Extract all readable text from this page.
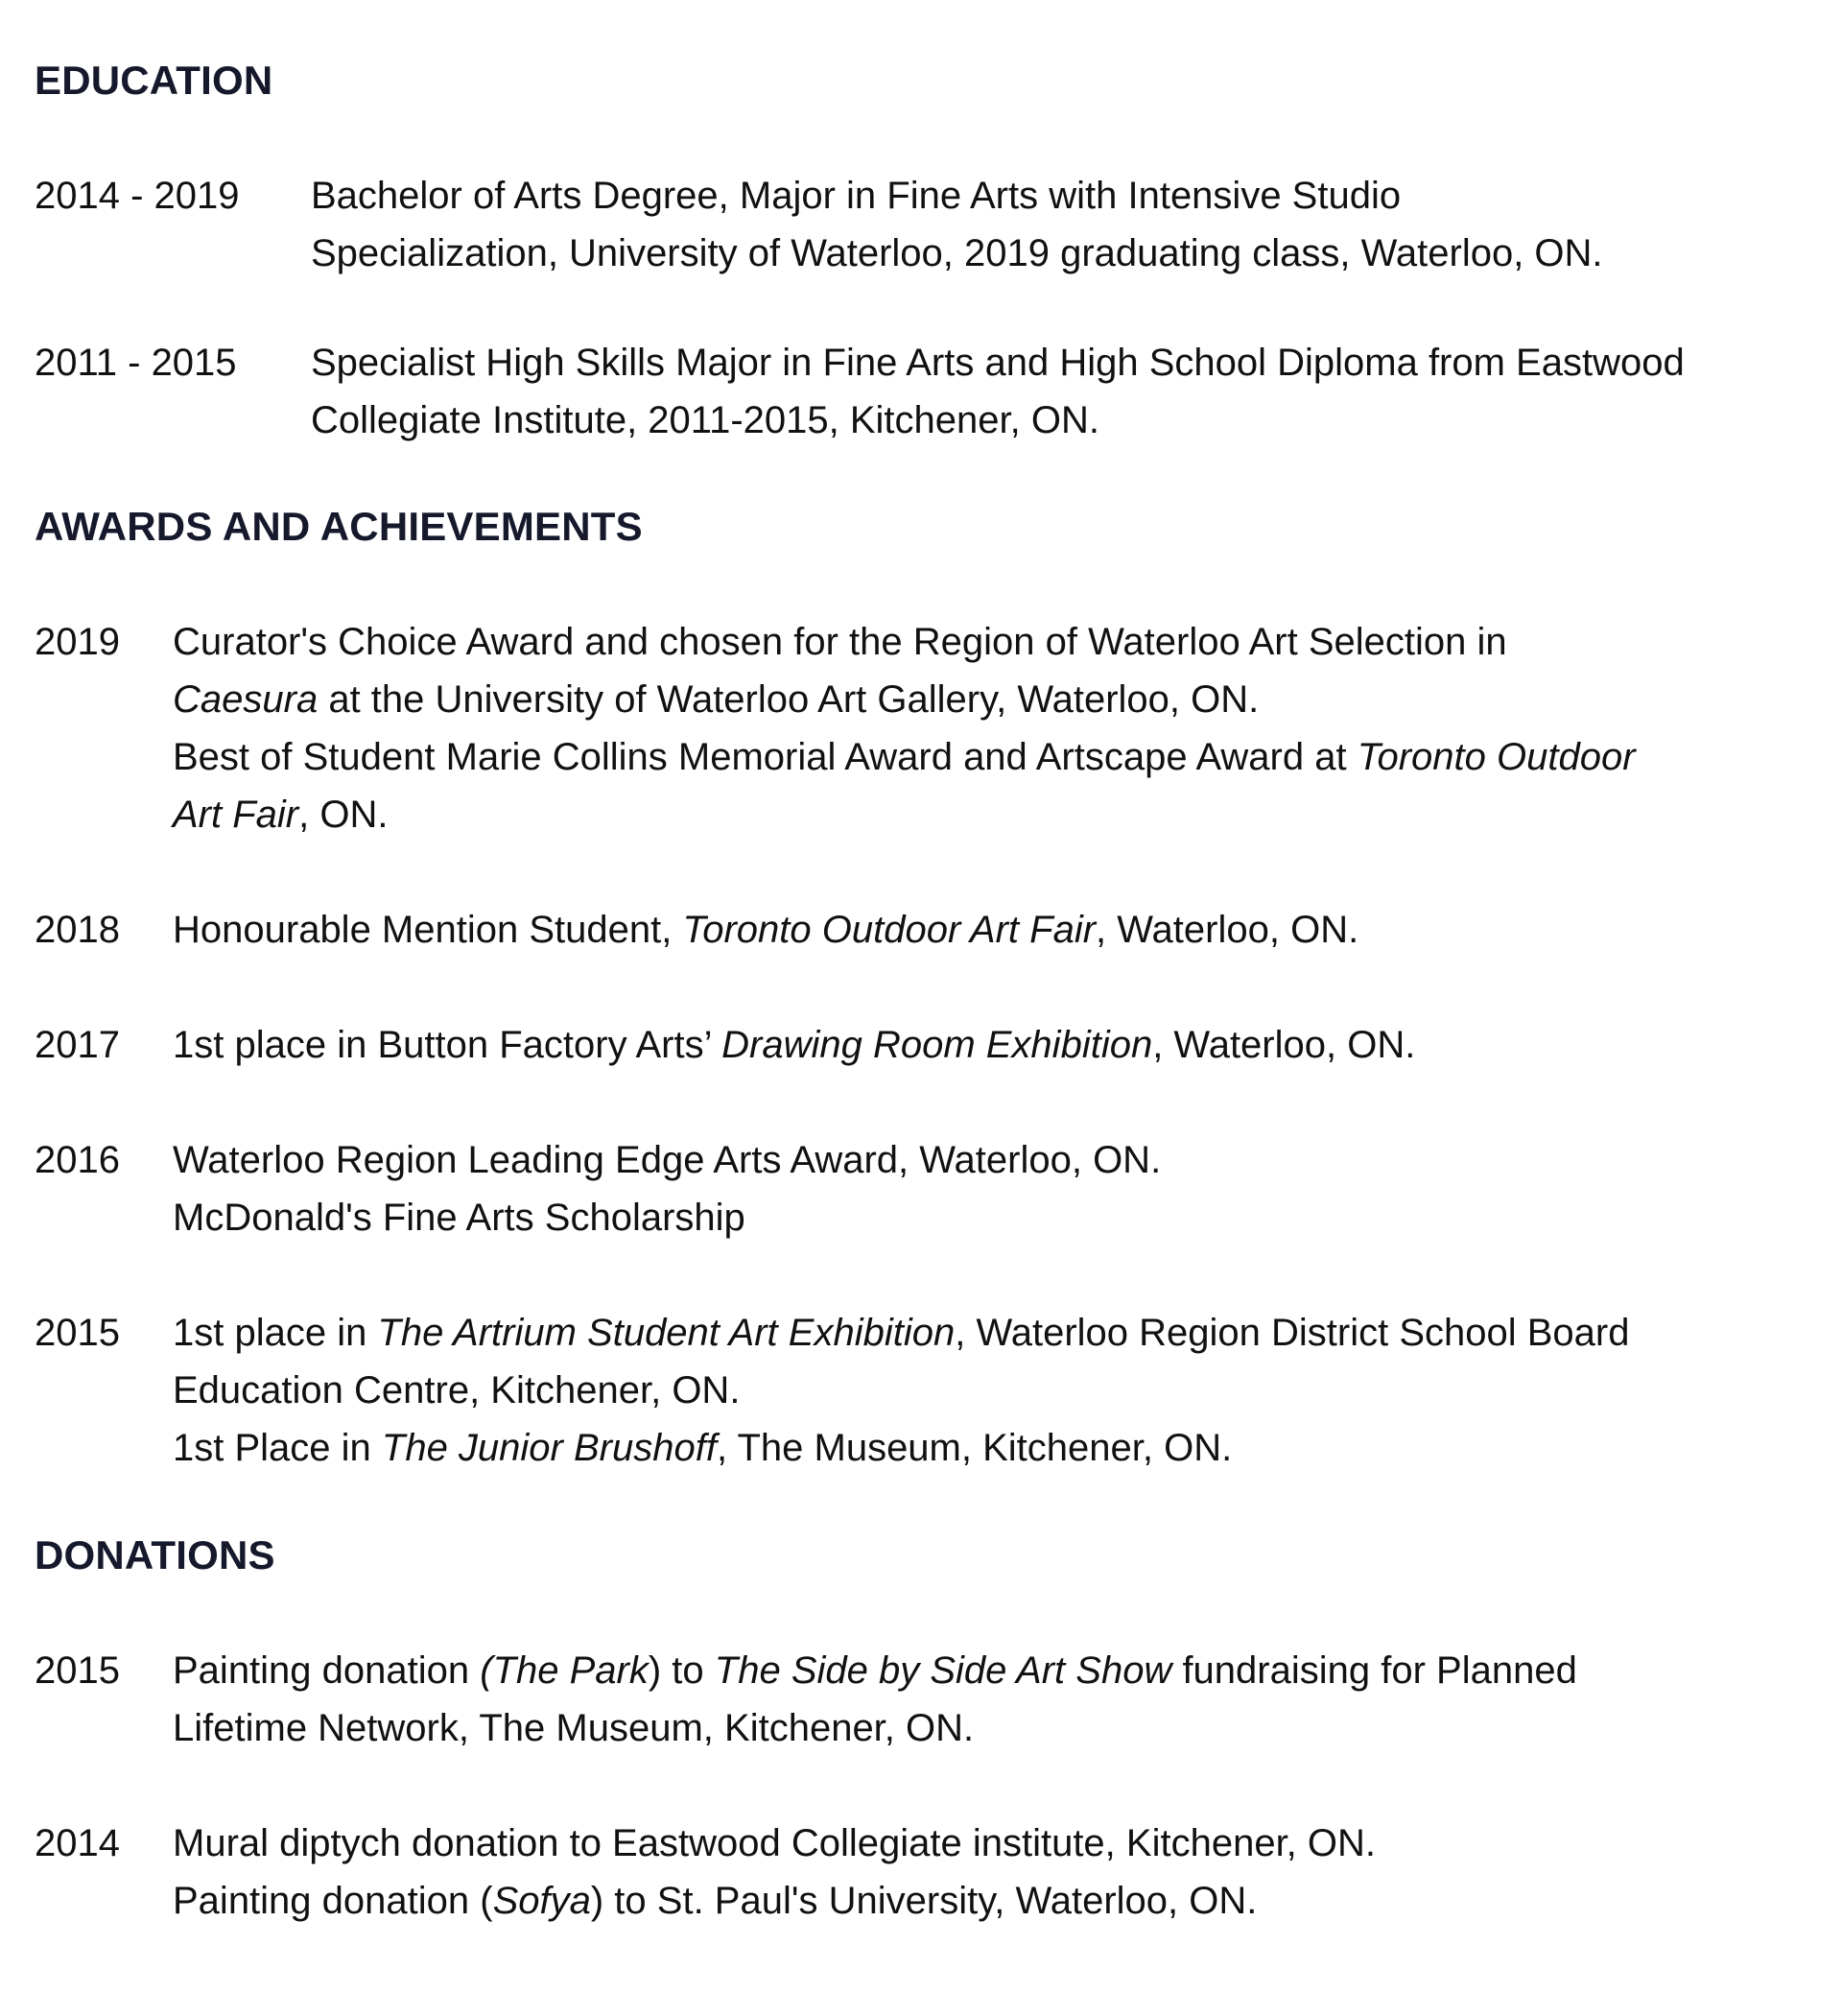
EDUCATION
2014 - 2019	Bachelor of Arts Degree, Major in Fine Arts with Intensive Studio
Specialization, University of Waterloo, 2019 graduating class, Waterloo, ON.
2011 - 2015	Specialist High Skills Major in Fine Arts and High School Diploma from Eastwood
Collegiate Institute, 2011-2015, Kitchener, ON.
AWARDS AND ACHIEVEMENTS
2019	Curator's Choice Award and chosen for the Region of Waterloo Art Selection in
Caesura at the University of Waterloo Art Gallery, Waterloo, ON.
Best of Student Marie Collins Memorial Award and Artscape Award at Toronto Outdoor
Art Fair, ON.
2018	Honourable Mention Student, Toronto Outdoor Art Fair, Waterloo, ON.
2017	1st place in Button Factory Arts’ Drawing Room Exhibition, Waterloo, ON.
2016	Waterloo Region Leading Edge Arts Award, Waterloo, ON.
McDonald's Fine Arts Scholarship
2015	1st place in The Artrium Student Art Exhibition, Waterloo Region District School Board
Education Centre, Kitchener, ON.
1st Place in The Junior Brushoff, The Museum, Kitchener, ON.
DONATIONS
2015	Painting donation (The Park) to The Side by Side Art Show fundraising for Planned
Lifetime Network, The Museum, Kitchener, ON.
2014	Mural diptych donation to Eastwood Collegiate institute, Kitchener, ON.
Painting donation (Sofya) to St. Paul's University, Waterloo, ON.
